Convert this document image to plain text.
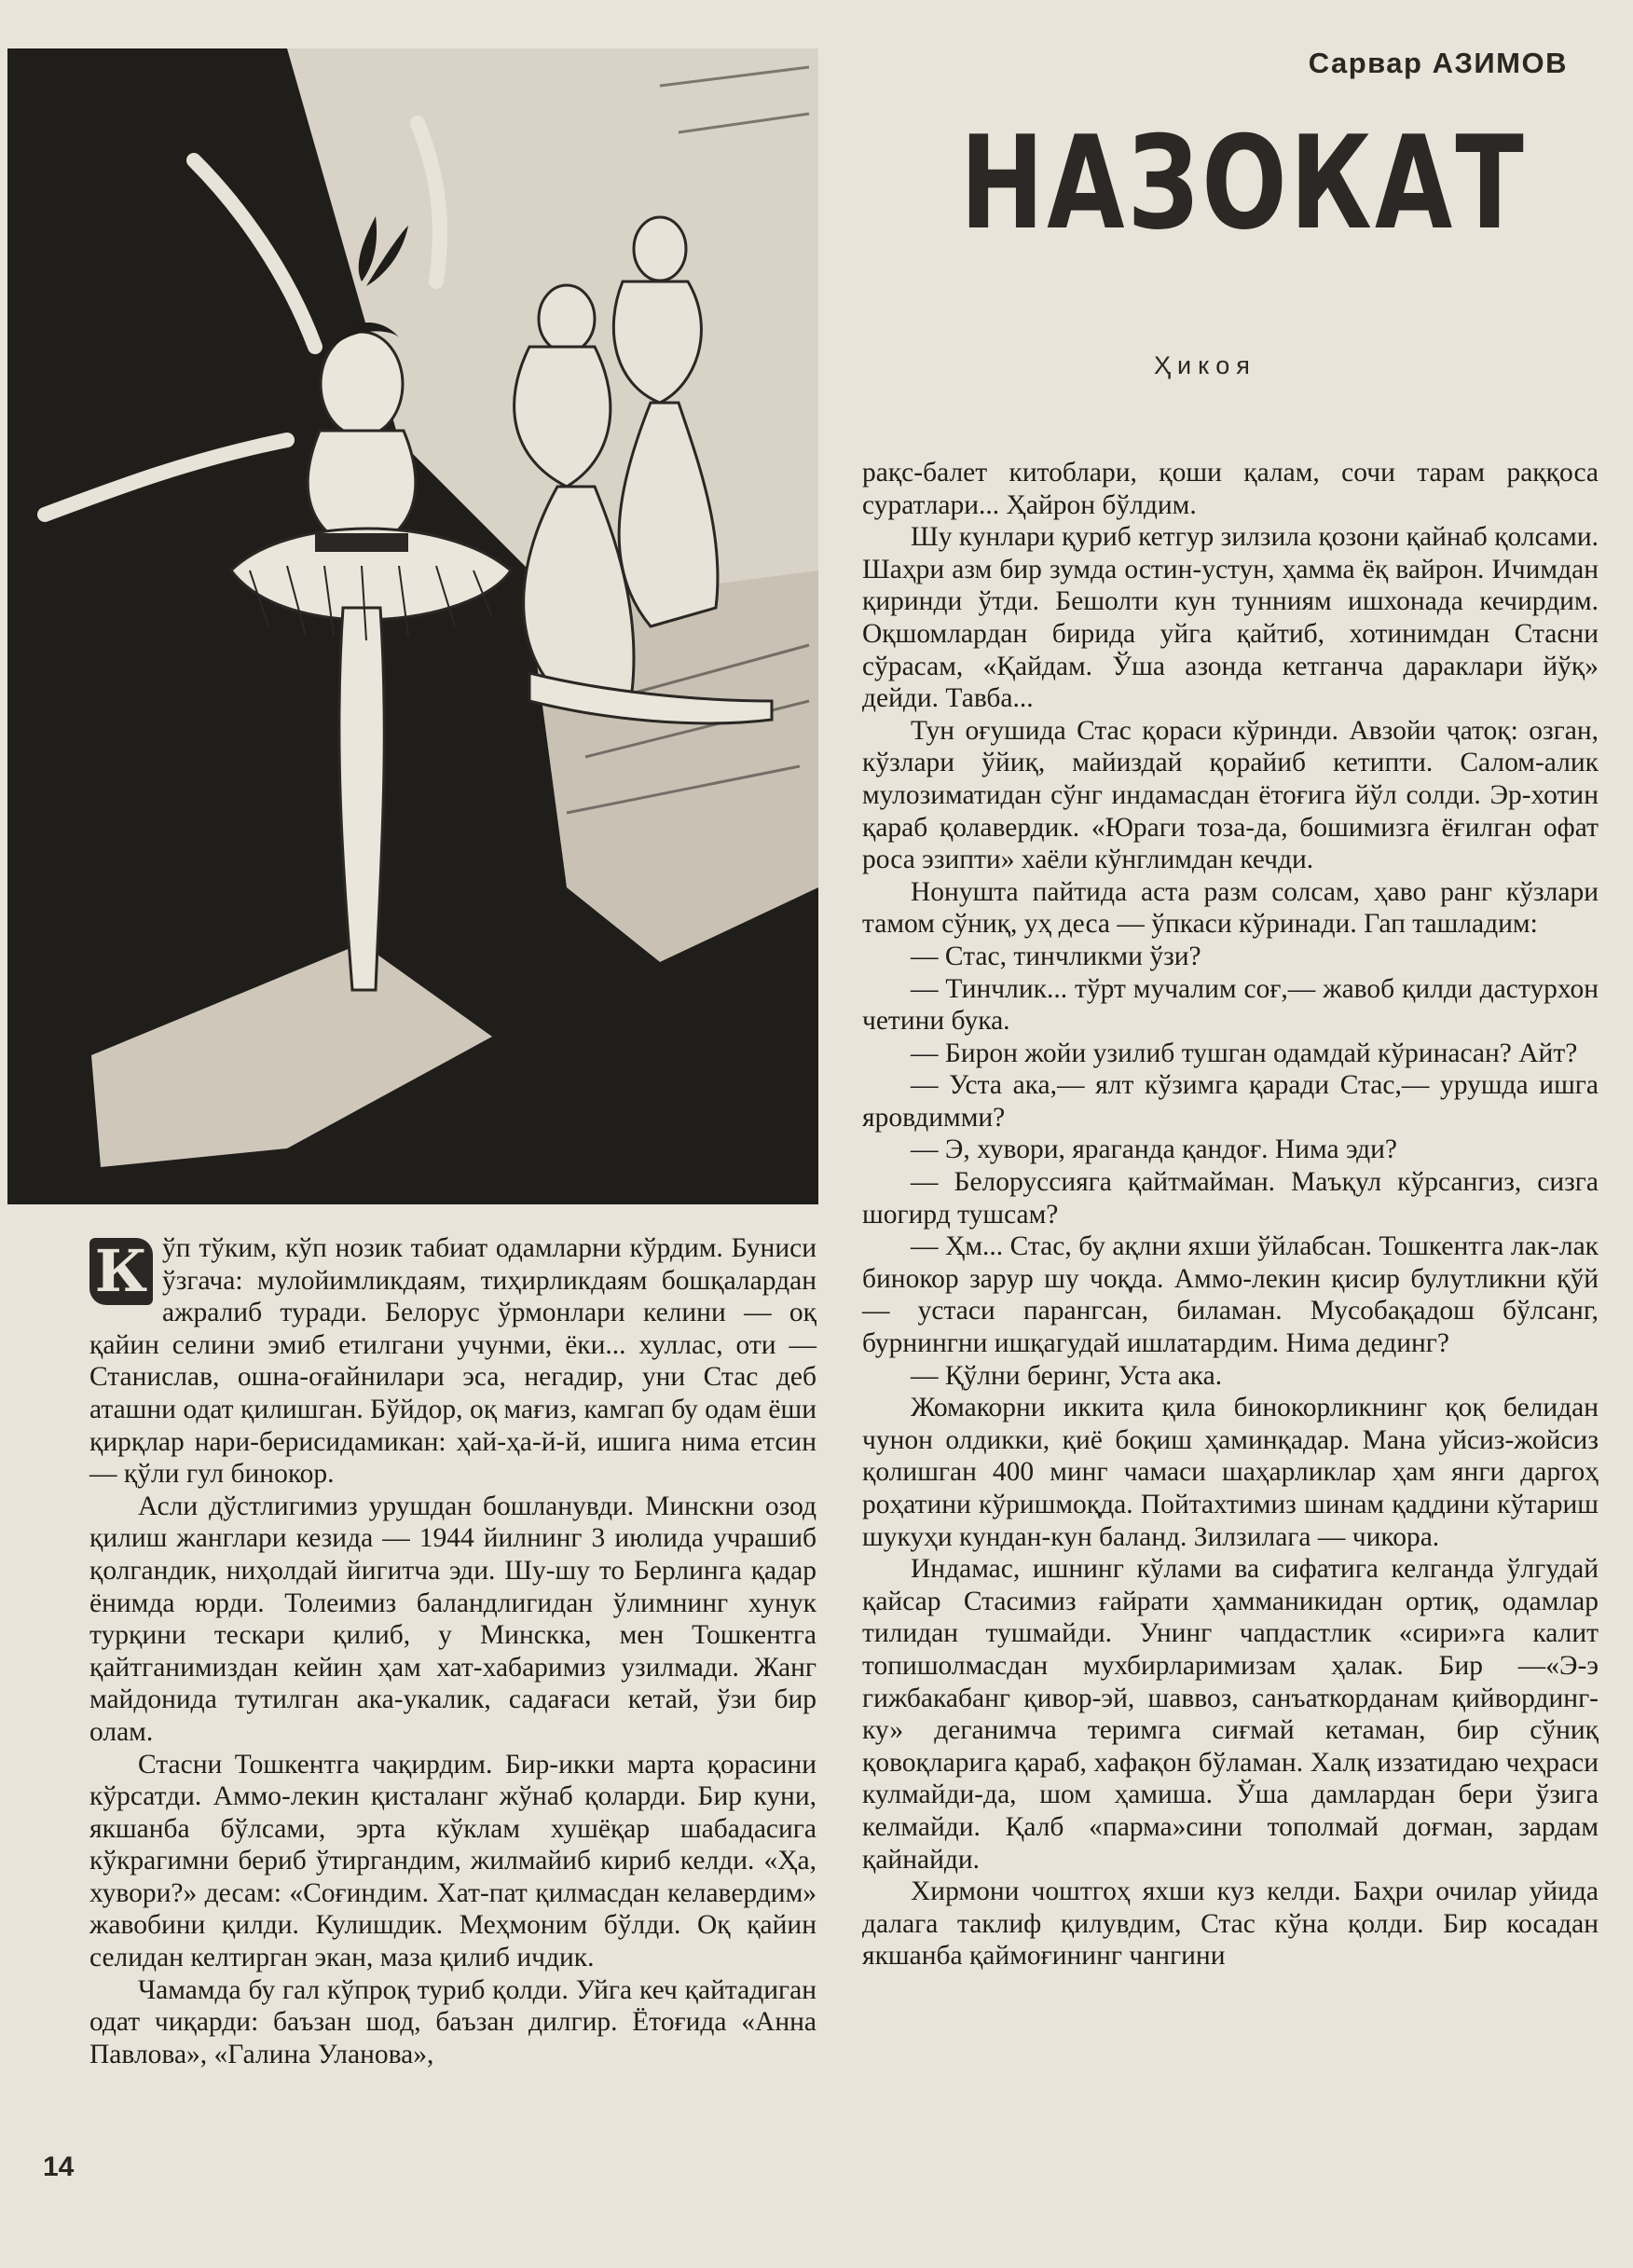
Сарвар АЗИМОВ
НАЗОКАТ
Ҳикоя

К ўп тўким, кўп нозик табиат одамларни кўрдим. Буниси ўзгача: мулойимликдаям, тиҳирликдаям бошқалардан ажралиб туради. Белорус ўрмонлари келини — оқ қайин селини эмиб етилгани учунми, ёки... хуллас, оти — Станислав, ошна-оғайнилари эса, негадир, уни Стас деб аташни одат қилишган. Бўйдор, оқ мағиз, камгап бу одам ёши қирқлар нари-берисидамикан: ҳай-ҳа-й-й, ишига нима етсин — қўли гул бинокор.

Асли дўстлигимиз урушдан бошланувди. Минскни озод қилиш жанглари кезида — 1944 йилнинг 3 июлида учрашиб қолгандик, ниҳолдай йигитча эди. Шу-шу то Берлинга қадар ёнимда юрди. Толеимиз баландлигидан ўлимнинг хунук турқини тескари қилиб, у Минскка, мен Тошкентга қайтганимиздан кейин ҳам хат-хабаримиз узилмади. Жанг майдонида тутилган ака-укалик, садағаси кетай, ўзи бир олам.

Стасни Тошкентга чақирдим. Бир-икки марта қорасини кўрсатди. Аммо-лекин қисталанг жўнаб қоларди. Бир куни, якшанба бўлсами, эрта кўклам хушёқар шабадасига кўкрагимни бериб ўтиргандим, жилмайиб кириб келди. «Ҳа, хувори?» десам: «Соғиндим. Хат-пат қилмасдан келавердим» жавобини қилди. Кулишдик. Меҳмоним бўлди. Оқ қайин селидан келтирган экан, маза қилиб ичдик.

Чамамда бу гал кўпроқ туриб қолди. Уйга кеч қайтадиган одат чиқарди: баъзан шод, баъзан дилгир. Ётоғида «Анна Павлова», «Галина Уланова»,

рақс-балет китоблари, қоши қалам, сочи тарам раққоса суратлари... Ҳайрон бўлдим.

Шу кунлари қуриб кетгур зилзила қозони қайнаб қолсами. Шаҳри азм бир зумда остин-устун, ҳамма ёқ вайрон. Ичимдан қиринди ўтди. Бешолти кун тунниям ишхонада кечирдим. Оқшомлардан бирида уйга қайтиб, хотинимдан Стасни сўрасам, «Қайдам. Ўша азонда кетганча дараклари йўқ» дейди. Тавба...

Тун оғушида Стас қораси кўринди. Авзойи ҷатоқ: озган, кўзлари ўйиқ, майиздай қорайиб кетипти. Салом-алик мулозиматидан сўнг индамасдан ётоғига йўл солди. Эр-хотин қараб қолавердик. «Юраги тоза-да, бошимизга ёғилган офат роса эзипти» хаёли кўнглимдан кечди.

Нонушта пайтида аста разм солсам, ҳаво ранг кўзлари тамом сўниқ, уҳ деса — ўпкаси кўринади. Гап ташладим:

— Стас, тинчликми ўзи?

— Тинчлик... тўрт мучалим соғ,— жавоб қилди дастурхон четини бука.

— Бирон жойи узилиб тушган одамдай кўринасан? Айт?

— Уста ака,— ялт кўзимга қаради Стас,— урушда ишга яровдимми?

— Э, хувори, яраганда қандоғ. Нима эди?

— Белоруссияга қайтмайман. Маъқул кўрсангиз, сизга шогирд тушсам?

— Ҳм... Стас, бу ақлни яхши ўйлабсан. Тошкентга лак-лак бинокор зарур шу чоқда. Аммо-лекин қисир булутликни қўй — устаси парангсан, биламан. Мусобақадош бўлсанг, бурнингни ишқагудай ишлатардим. Нима дединг?

— Қўлни беринг, Уста ака.

Жомакорни иккита қила бинокорликнинг қоқ белидан чунон олдикки, қиё боқиш ҳаминқадар. Мана уйсиз-жойсиз қолишган 400 минг чамаси шаҳарликлар ҳам янги даргоҳ роҳатини кўришмоқда. Пойтахтимиз шинам қаддини кўтариш шукуҳи кундан-кун баланд. Зилзилага — чикора.

Индамас, ишнинг кўлами ва сифатига келганда ўлгудай қайсар Стасимиз ғайрати ҳамманикидан ортиқ, одамлар тилидан тушмайди. Унинг чапдастлик «сири»га калит топишолмасдан мухбирларимизам ҳалак. Бир —«Э-э гижбакабанг қивор-эй, шаввоз, санъаткорданам қийвординг-ку» деганимча теримга сиғмай кетаман, бир сўниқ қовоқларига қараб, хафақон бўламан. Халқ иззатидаю чеҳраси кулмайди-да, шом ҳамиша. Ўша дамлардан бери ўзига келмайди. Қалб «парма»сини тополмай доғман, зардам қайнайди.

Хирмони чоштгоҳ яхши куз келди. Баҳри очилар уйида далага таклиф қилувдим, Стас кўна қолди. Бир косадан якшанба қаймоғининг чангини

14
